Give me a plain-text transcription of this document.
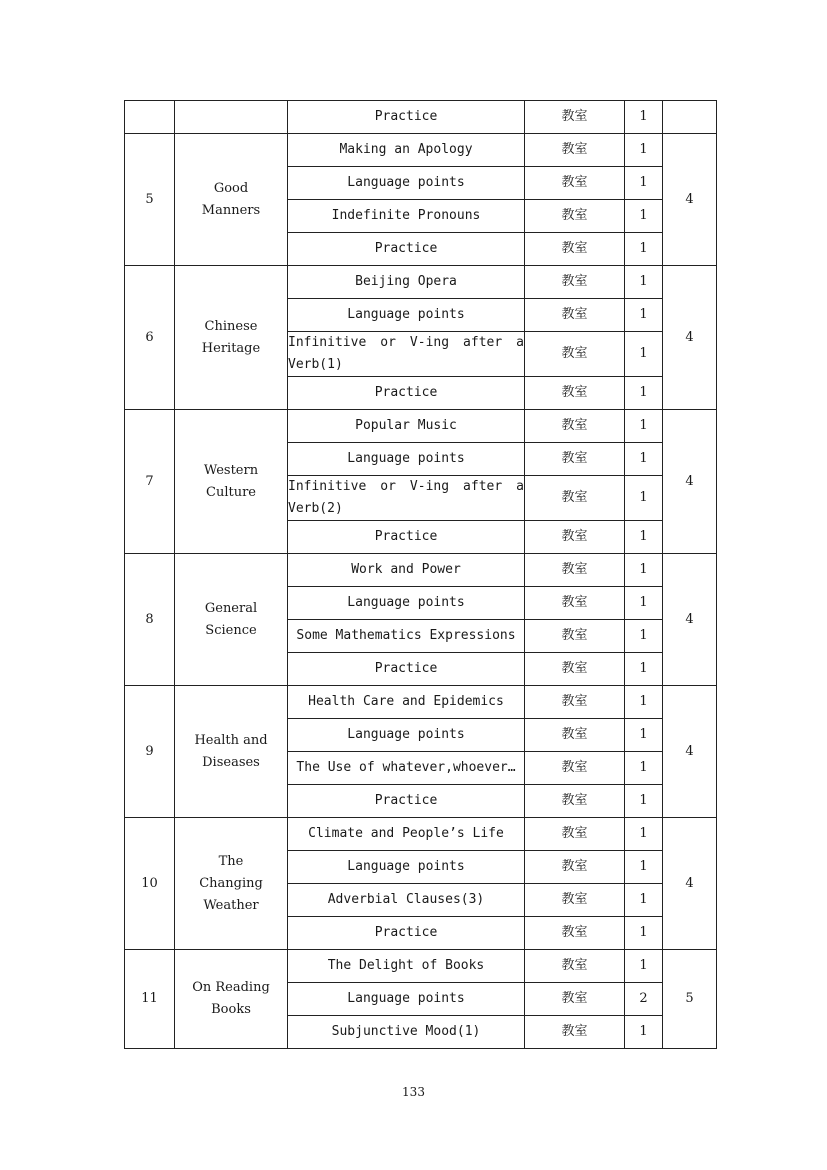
		Practice	教室	1	
5	Good Manners	Making an Apology	教室	1	4
		Language points	教室	1	
		Indefinite Pronouns	教室	1	
		Practice	教室	1	
6	Chinese Heritage	Beijing Opera	教室	1	4
		Language points	教室	1	
		Infinitive or V-ing after a Verb(1)	教室	1	
		Practice	教室	1	
7	Western Culture	Popular Music	教室	1	4
		Language points	教室	1	
		Infinitive or V-ing after a Verb(2)	教室	1	
		Practice	教室	1	
8	General Science	Work and Power	教室	1	4
		Language points	教室	1	
		Some Mathematics Expressions	教室	1	
		Practice	教室	1	
9	Health and Diseases	Health Care and Epidemics	教室	1	4
		Language points	教室	1	
		The Use of whatever,whoever…	教室	1	
		Practice	教室	1	
10	The Changing Weather	Climate and People’s Life	教室	1	4
		Language points	教室	1	
		Adverbial Clauses(3)	教室	1	
		Practice	教室	1	
11	On Reading Books	The Delight of Books	教室	1	5
		Language points	教室	2	
		Subjunctive Mood(1)	教室	1	
133
